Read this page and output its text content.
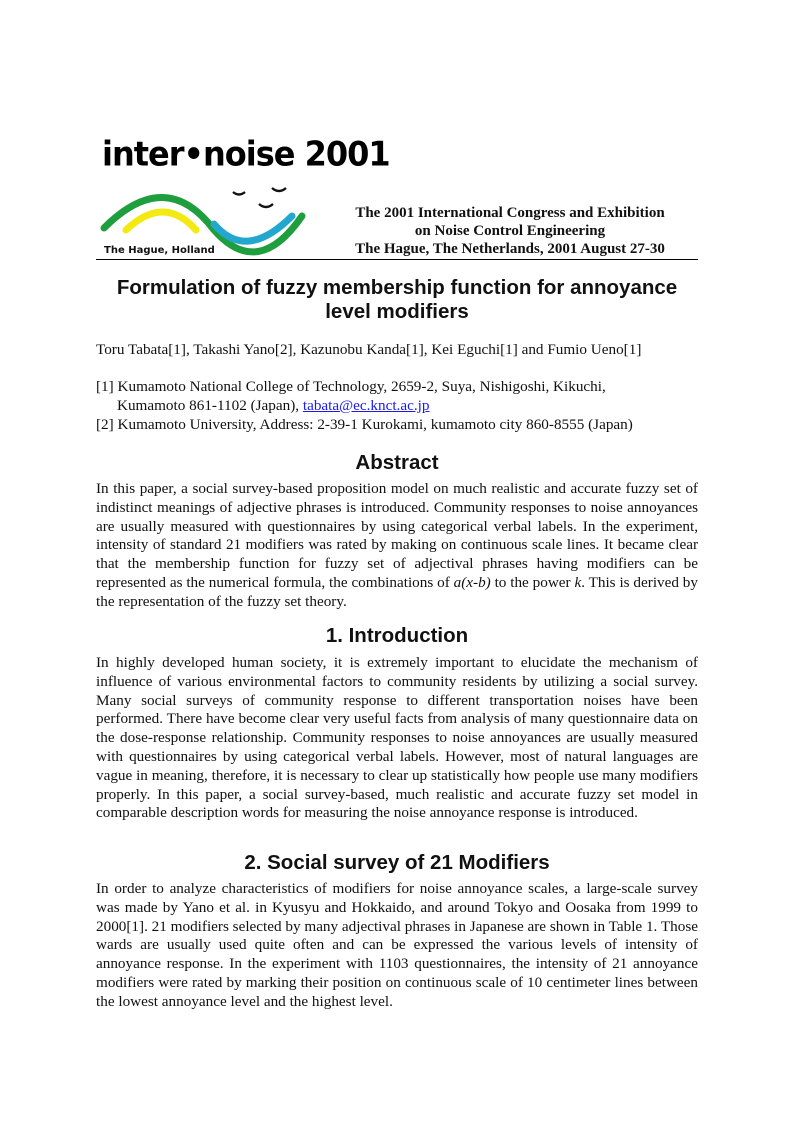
inter•noise 2001
The Hague, Holland
The 2001 International Congress and Exhibition
on Noise Control Engineering
The Hague, The Netherlands, 2001 August 27-30
Formulation of fuzzy membership function for annoyance level modifiers
Toru Tabata[1], Takashi Yano[2], Kazunobu Kanda[1], Kei Eguchi[1] and Fumio Ueno[1]
[1] Kumamoto National College of Technology, 2659-2, Suya, Nishigoshi, Kikuchi,
Kumamoto 861-1102 (Japan), tabata@ec.knct.ac.jp
[2] Kumamoto University, Address: 2-39-1 Kurokami, kumamoto city 860-8555 (Japan)
Abstract
In this paper, a social survey-based proposition model on much realistic and accurate fuzzy set of indistinct meanings of adjective phrases is introduced. Community responses to noise annoyances are usually measured with questionnaires by using categorical verbal labels. In the experiment, intensity of standard 21 modifiers was rated by making on continuous scale lines. It became clear that the membership function for fuzzy set of adjectival phrases having modifiers can be represented as the numerical formula, the combinations of a(x-b) to the power k. This is derived by the representation of the fuzzy set theory.
1. Introduction
In highly developed human society, it is extremely important to elucidate the mechanism of influence of various environmental factors to community residents by utilizing a social survey. Many social surveys of community response to different transportation noises have been performed. There have become clear very useful facts from analysis of many questionnaire data on the dose-response relationship. Community responses to noise annoyances are usually measured with questionnaires by using categorical verbal labels. However, most of natural languages are vague in meaning, therefore, it is necessary to clear up statistically how people use many modifiers properly. In this paper, a social survey-based, much realistic and accurate fuzzy set model in comparable description words for measuring the noise annoyance response is introduced.
2. Social survey of 21 Modifiers
In order to analyze characteristics of modifiers for noise annoyance scales, a large-scale survey was made by Yano et al. in Kyusyu and Hokkaido, and around Tokyo and Oosaka from 1999 to 2000[1]. 21 modifiers selected by many adjectival phrases in Japanese are shown in Table 1. Those wards are usually used quite often and can be expressed the various levels of intensity of annoyance response. In the experiment with 1103 questionnaires, the intensity of 21 annoyance modifiers were rated by marking their position on continuous scale of 10 centimeter lines between the lowest annoyance level and the highest level.
